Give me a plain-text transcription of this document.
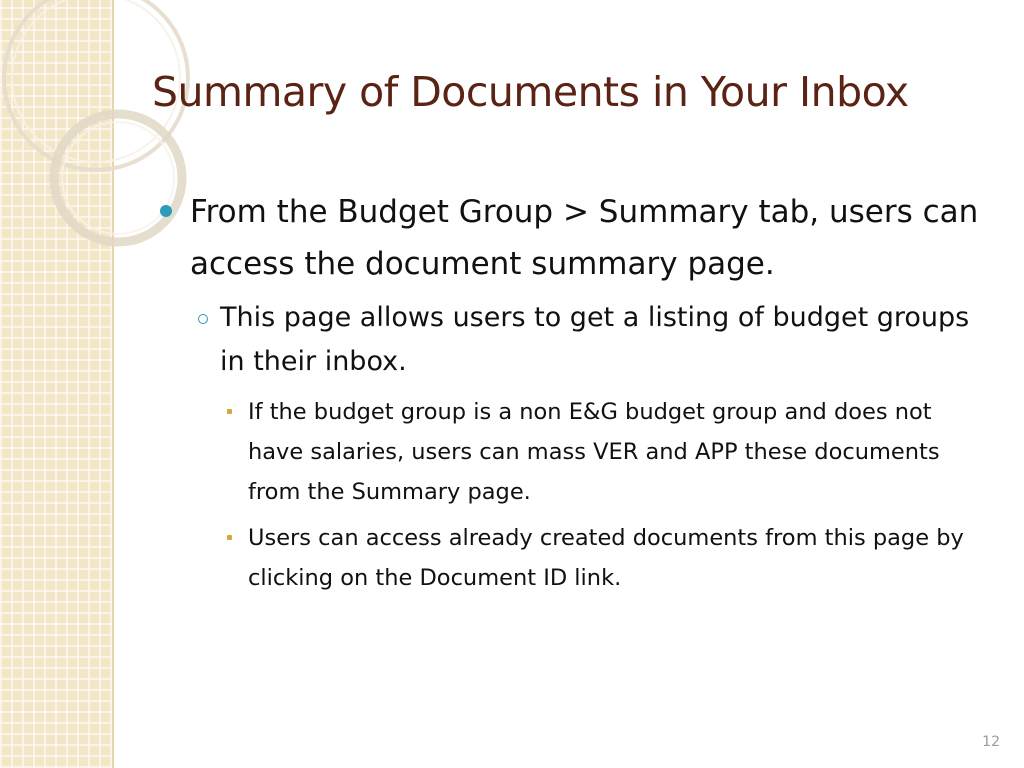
Summary of Documents in Your Inbox
From the Budget Group > Summary tab, users can access the document summary page.
This page allows users to get a listing of budget groups in their inbox.
If the budget group is a non E&G budget group and does not have salaries, users can mass VER and APP these documents from the Summary page.
Users can access already created documents from this page by clicking on the Document ID link.
12
